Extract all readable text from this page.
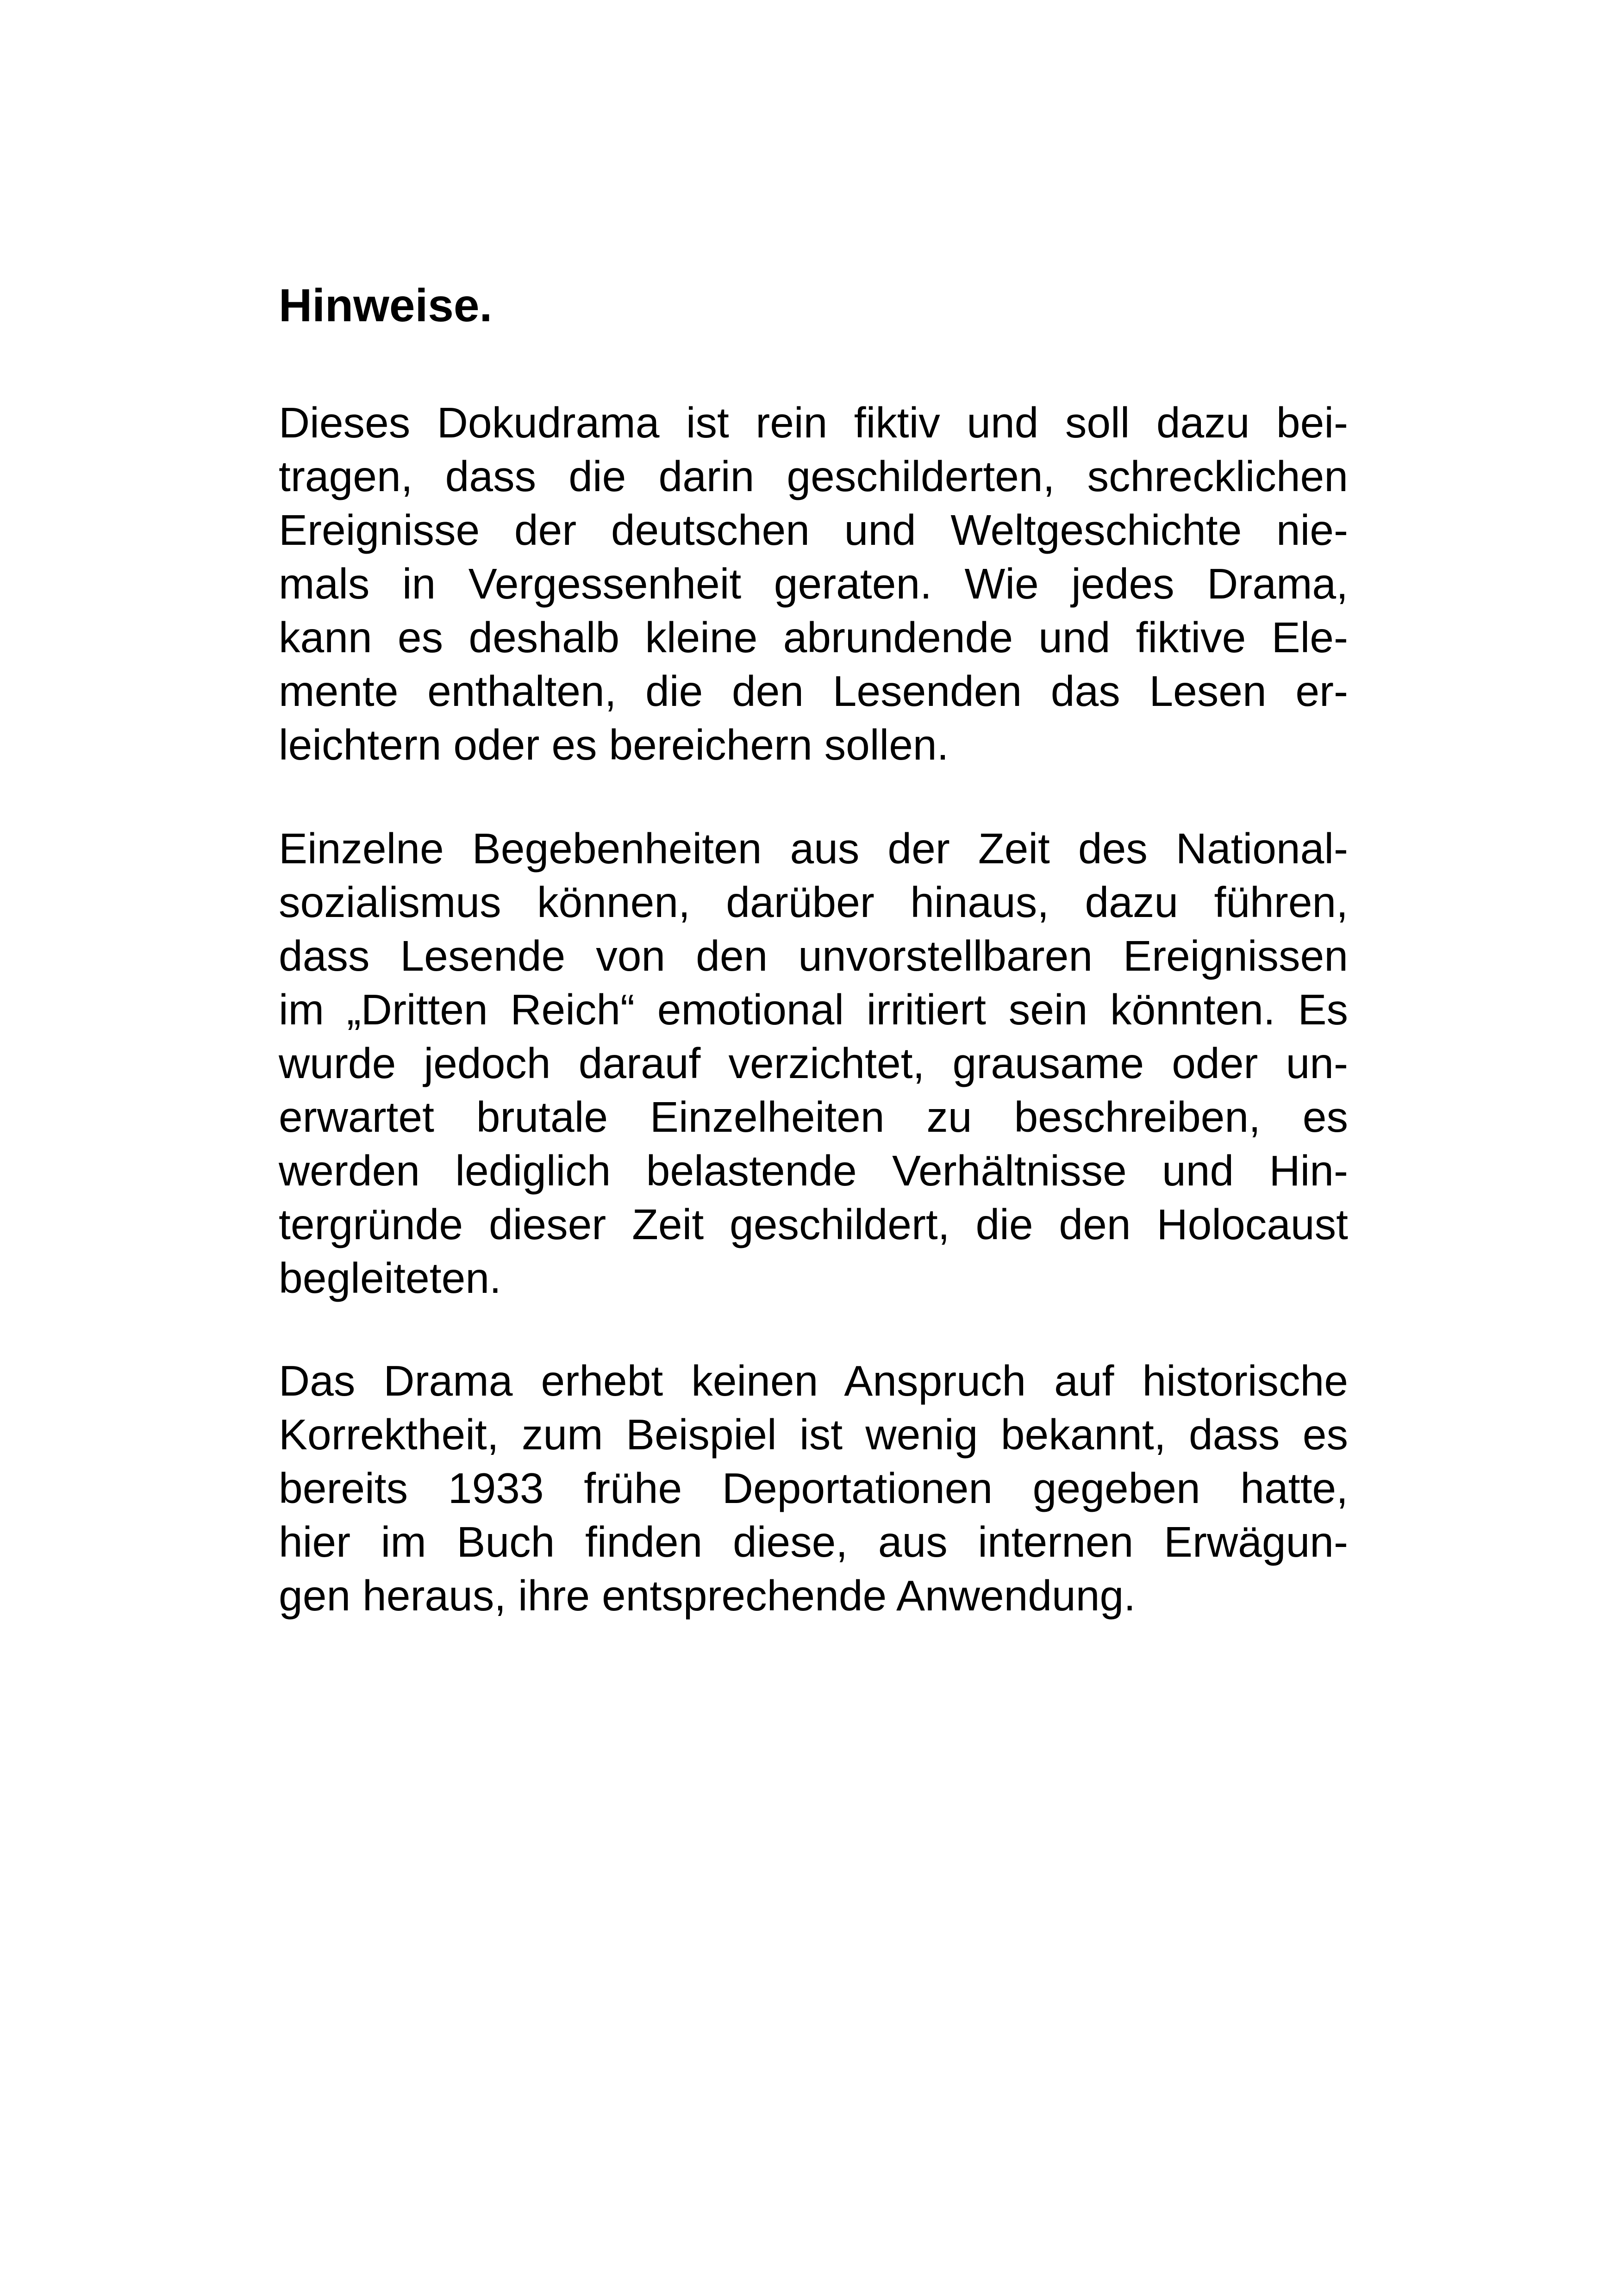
Hinweise.
Dieses Dokudrama ist rein fiktiv und soll dazu bei-
tragen, dass die darin geschilderten, schrecklichen
Ereignisse der deutschen und Weltgeschichte nie-
mals in Vergessenheit geraten. Wie jedes Drama,
kann es deshalb kleine abrundende und fiktive Ele-
mente enthalten, die den Lesenden das Lesen er-
leichtern oder es bereichern sollen.
Einzelne Begebenheiten aus der Zeit des National-
sozialismus können, darüber hinaus, dazu führen,
dass Lesende von den unvorstellbaren Ereignissen
im „Dritten Reich“ emotional irritiert sein könnten. Es
wurde jedoch darauf verzichtet, grausame oder un-
erwartet brutale Einzelheiten zu beschreiben, es
werden lediglich belastende Verhältnisse und Hin-
tergründe dieser Zeit geschildert, die den Holocaust
begleiteten.
Das Drama erhebt keinen Anspruch auf historische
Korrektheit, zum Beispiel ist wenig bekannt, dass es
bereits 1933 frühe Deportationen gegeben hatte,
hier im Buch finden diese, aus internen Erwägun-
gen heraus, ihre entsprechende Anwendung.
